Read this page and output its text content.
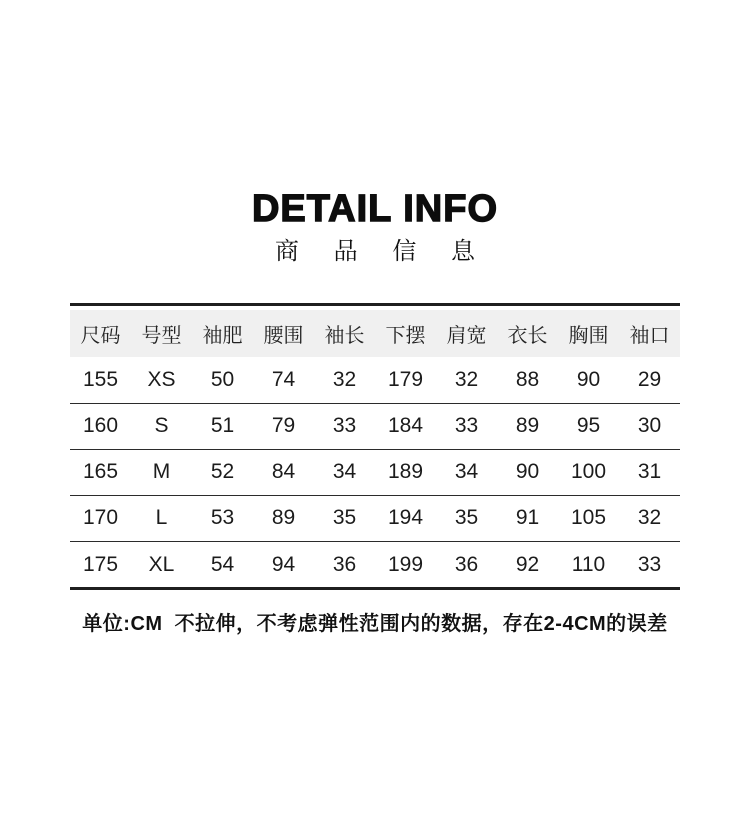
DETAIL INFO
商 品 信 息
尺码	号型	袖肥	腰围	袖长	下摆	肩宽	衣长	胸围	袖口
155	XS	50	74	32	179	32	88	90	29
160	S	51	79	33	184	33	89	95	30
165	M	52	84	34	189	34	90	100	31
170	L	53	89	35	194	35	91	105	32
175	XL	54	94	36	199	36	92	110	33
单位:CM  不拉伸，不考虑弹性范围内的数据，存在2-4CM的误差
